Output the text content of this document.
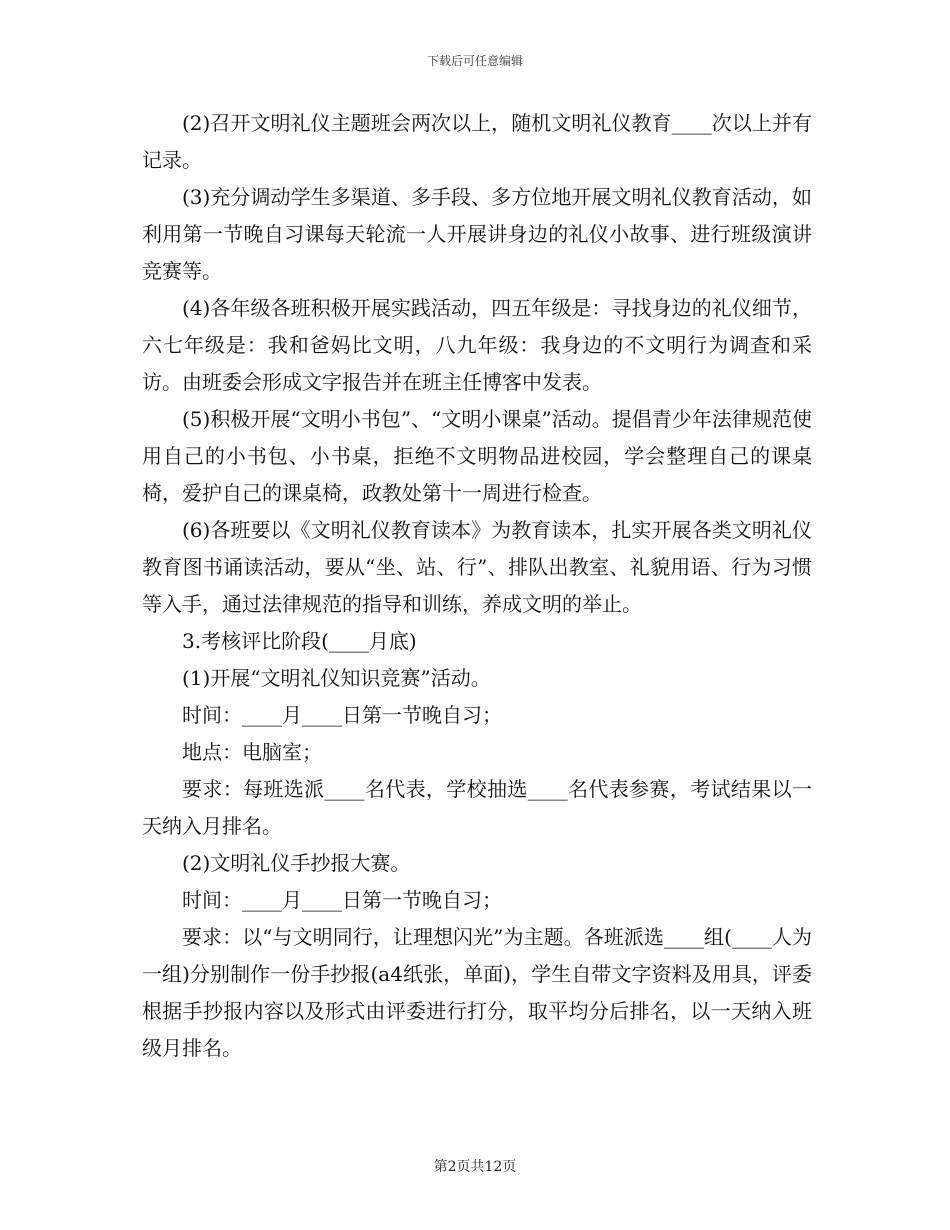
下载后可任意编辑

(2)召开文明礼仪主题班会两次以上，随机文明礼仪教育____次以上并有记录。

(3)充分调动学生多渠道、多手段、多方位地开展文明礼仪教育活动，如利用第一节晚自习课每天轮流一人开展讲身边的礼仪小故事、进行班级演讲竞赛等。

(4)各年级各班积极开展实践活动，四五年级是：寻找身边的礼仪细节，六七年级是：我和爸妈比文明，八九年级：我身边的不文明行为调查和采访。由班委会形成文字报告并在班主任博客中发表。

(5)积极开展“文明小书包”、“文明小课桌”活动。提倡青少年法律规范使用自己的小书包、小书桌，拒绝不文明物品进校园，学会整理自己的课桌椅，爱护自己的课桌椅，政教处第十一周进行检查。

(6)各班要以《文明礼仪教育读本》为教育读本，扎实开展各类文明礼仪教育图书诵读活动，要从“坐、站、行”、排队出教室、礼貌用语、行为习惯等入手，通过法律规范的指导和训练，养成文明的举止。

3.考核评比阶段(____月底)

(1)开展“文明礼仪知识竞赛”活动。

时间：____月____日第一节晚自习；

地点：电脑室；

要求：每班选派____名代表，学校抽选____名代表参赛，考试结果以一天纳入月排名。

(2)文明礼仪手抄报大赛。

时间：____月____日第一节晚自习；

要求：以“与文明同行，让理想闪光”为主题。各班派选____组(____人为一组)分别制作一份手抄报(a4纸张，单面)，学生自带文字资料及用具，评委根据手抄报内容以及形式由评委进行打分，取平均分后排名，以一天纳入班级月排名。

第2页共12页
